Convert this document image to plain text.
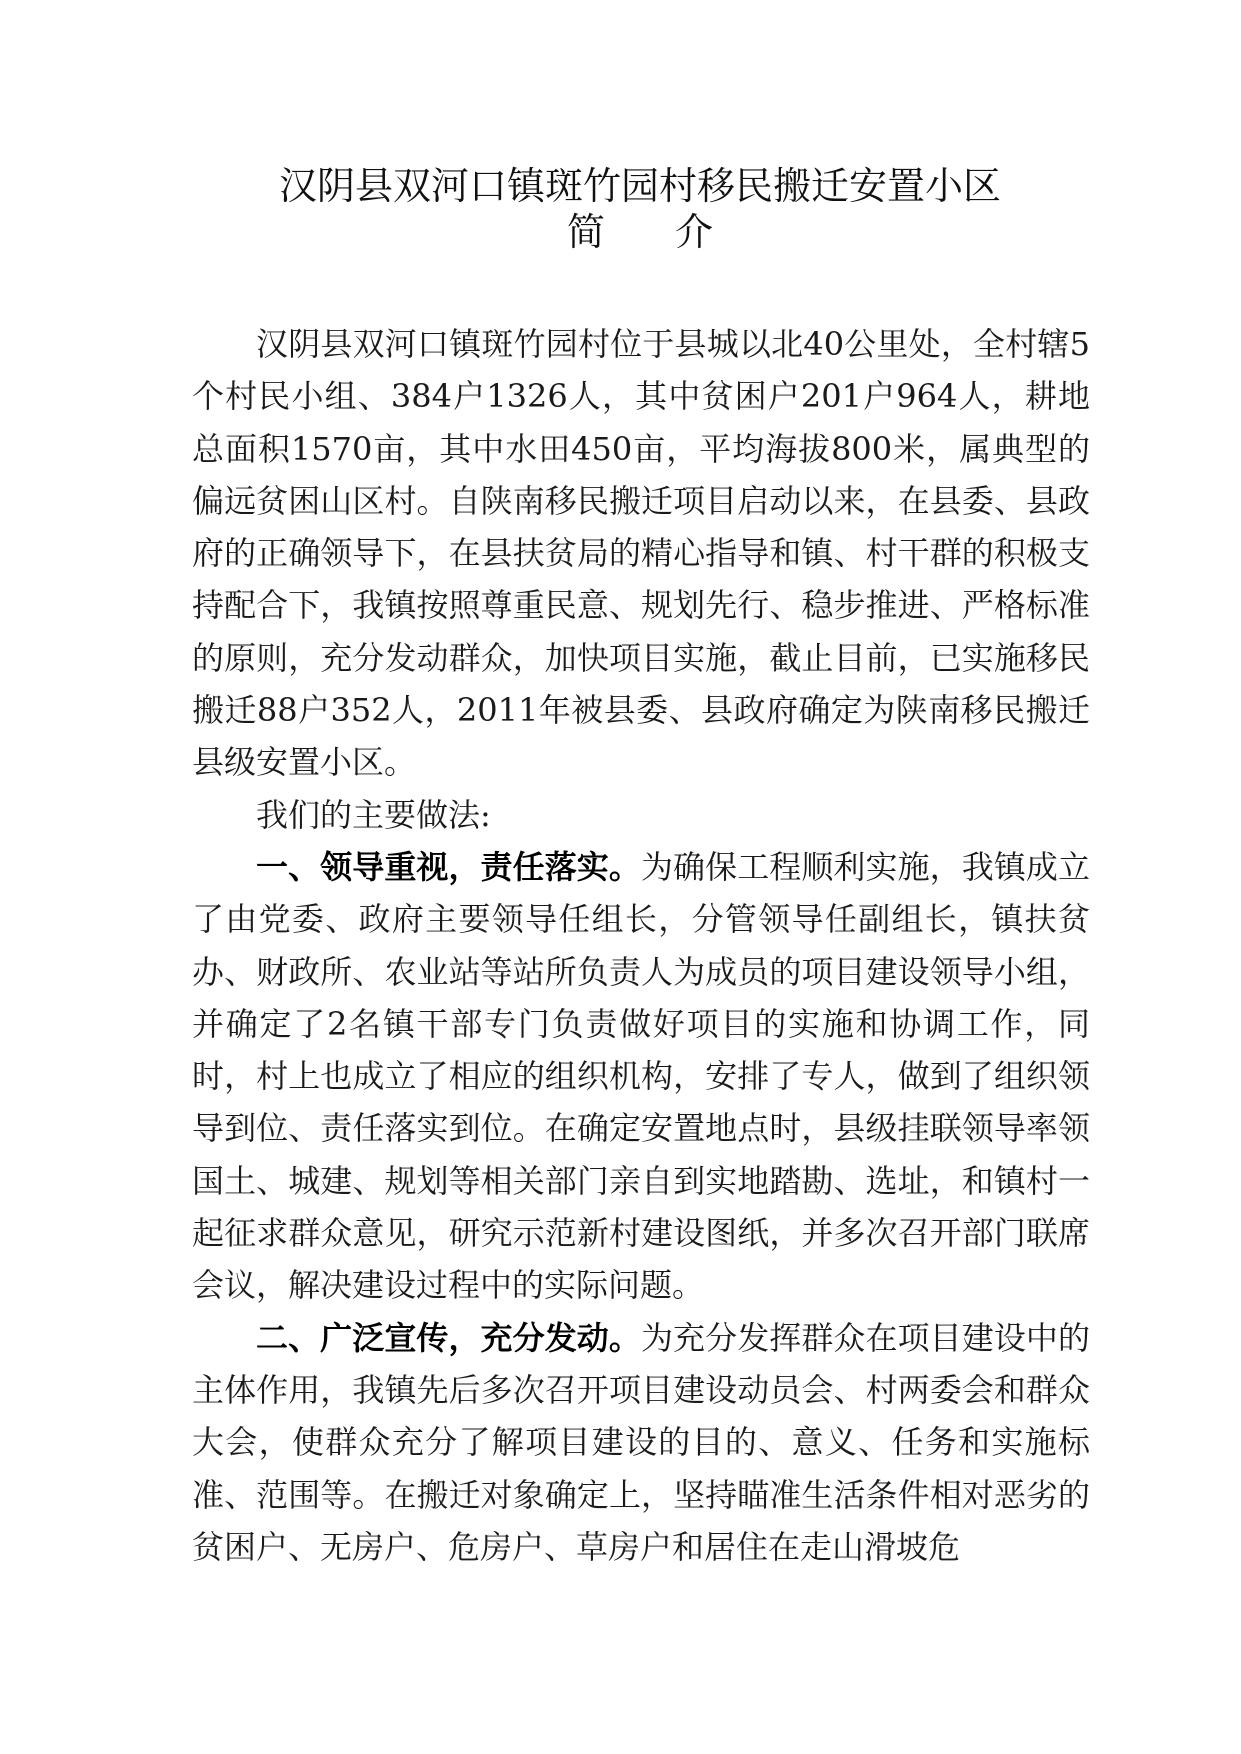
汉阴县双河口镇斑竹园村移民搬迁安置小区
简介

汉阴县双河口镇斑竹园村位于县城以北40公里处，全村辖5个村民小组、384户1326人，其中贫困户201户964人，耕地总面积1570亩，其中水田450亩，平均海拔800米，属典型的偏远贫困山区村。自陕南移民搬迁项目启动以来，在县委、县政府的正确领导下，在县扶贫局的精心指导和镇、村干群的积极支持配合下，我镇按照尊重民意、规划先行、稳步推进、严格标准的原则，充分发动群众，加快项目实施，截止目前，已实施移民搬迁88户352人，2011年被县委、县政府确定为陕南移民搬迁县级安置小区。

我们的主要做法:

一、领导重视，责任落实。为确保工程顺利实施，我镇成立了由党委、政府主要领导任组长，分管领导任副组长，镇扶贫办、财政所、农业站等站所负责人为成员的项目建设领导小组，并确定了2名镇干部专门负责做好项目的实施和协调工作，同时，村上也成立了相应的组织机构，安排了专人，做到了组织领导到位、责任落实到位。在确定安置地点时，县级挂联领导率领国土、城建、规划等相关部门亲自到实地踏勘、选址，和镇村一起征求群众意见，研究示范新村建设图纸，并多次召开部门联席会议，解决建设过程中的实际问题。

二、广泛宣传，充分发动。为充分发挥群众在项目建设中的主体作用，我镇先后多次召开项目建设动员会、村两委会和群众大会，使群众充分了解项目建设的目的、意义、任务和实施标准、范围等。在搬迁对象确定上，坚持瞄准生活条件相对恶劣的贫困户、无房户、危房户、草房户和居住在走山滑坡危
